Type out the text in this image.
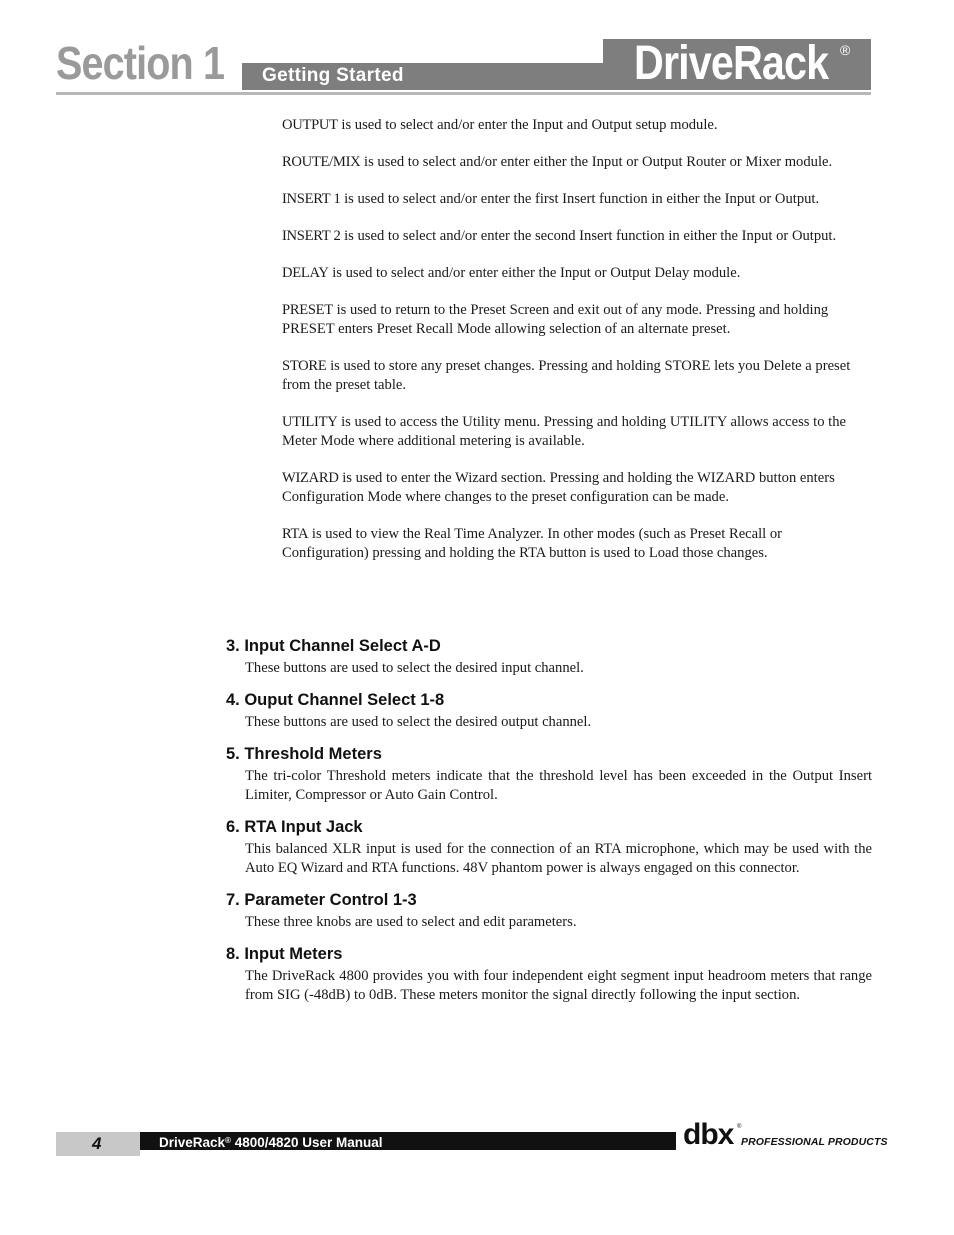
Section 1 Getting Started	DriveRack ®

OUTPUT is used to select and/or enter the Input and Output setup module.

ROUTE/MIX is used to select and/or enter either the Input or Output Router or Mixer module.

INSERT 1 is used to select and/or enter the first Insert function in either the Input or Output.

INSERT 2 is used to select and/or enter the second Insert function in either the Input or Output.

DELAY is used to select and/or enter either the Input or Output Delay module.

PRESET is used to return to the Preset Screen and exit out of any mode. Pressing and holding PRESET enters Preset Recall Mode allowing selection of an alternate preset.

STORE is used to store any preset changes. Pressing and holding STORE lets you Delete a preset from the preset table.

UTILITY is used to access the Utility menu. Pressing and holding UTILITY allows access to the Meter Mode where additional metering is available.

WIZARD is used to enter the Wizard section. Pressing and holding the WIZARD button enters Configuration Mode where changes to the preset configuration can be made.

RTA is used to view the Real Time Analyzer. In other modes (such as Preset Recall or Configuration) pressing and holding the RTA button is used to Load those changes.

3. Input Channel Select A-D

These buttons are used to select the desired input channel.

4. Ouput Channel Select 1-8

These buttons are used to select the desired output channel.

5. Threshold Meters

The tri-color Threshold meters indicate that the threshold level has been exceeded in the Output Insert Limiter, Compressor or Auto Gain Control.

6. RTA Input Jack

This balanced XLR input is used for the connection of an RTA microphone, which may be used with the Auto EQ Wizard and RTA functions. 48V phantom power is always engaged on this connector.

7. Parameter Control 1-3

These three knobs are used to select and edit parameters.

8. Input Meters

The DriveRack 4800 provides you with four independent eight segment input headroom meters that range from SIG (-48dB) to 0dB. These meters monitor the signal directly following the input section.

4	DriveRack® 4800/4820 User Manual	dbx ®
PROFESSIONAL PRODUCTS
